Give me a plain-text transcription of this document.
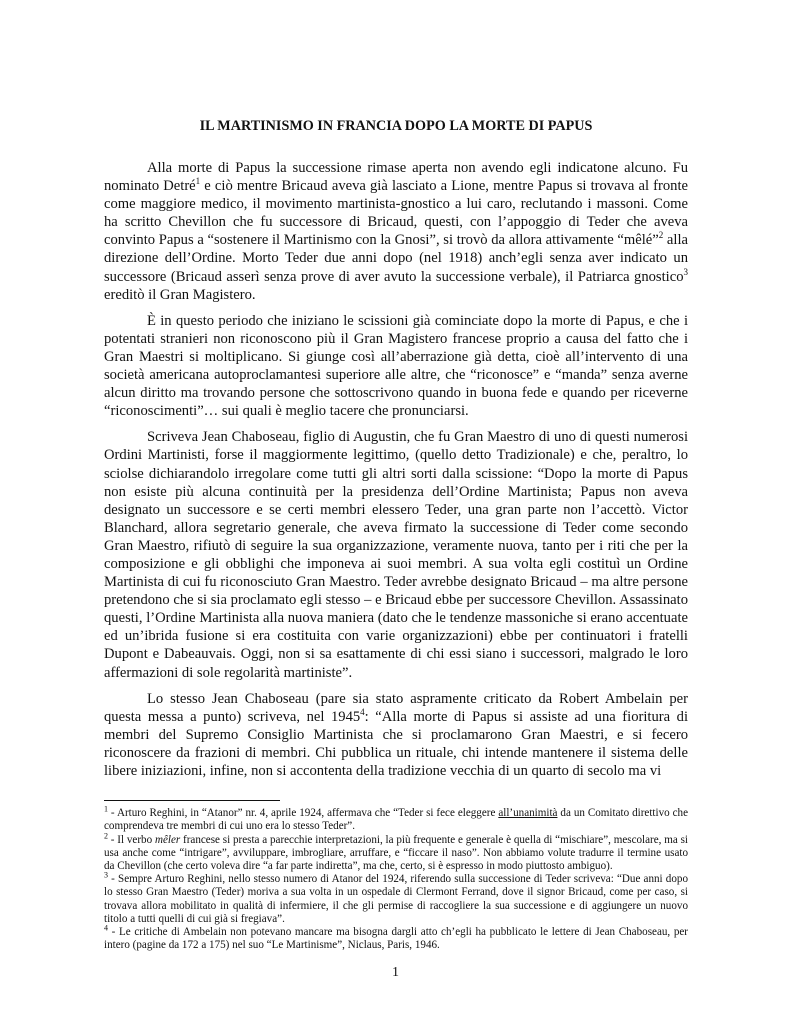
IL MARTINISMO IN FRANCIA DOPO LA MORTE DI PAPUS

Alla morte di Papus la successione rimase aperta non avendo egli indicatone alcuno. Fu nominato Detré$^1$ e ciò mentre Bricaud aveva già lasciato a Lione, mentre Papus si trovava al fronte come maggiore medico, il movimento martinista-gnostico a lui caro, reclutando i massoni. Come ha scritto Chevillon che fu successore di Bricaud, questi, con l’appoggio di Teder che aveva convinto Papus a “sostenere il Martinismo con la Gnosi”, si trovò da allora attivamente “mêlé”$^2$ alla direzione dell’Ordine. Morto Teder due anni dopo (nel 1918) anch’egli senza aver indicato un successore (Bricaud asserì senza prove di aver avuto la successione verbale), il Patriarca gnostico$^3$ ereditò il Gran Magistero.

È in questo periodo che iniziano le scissioni già cominciate dopo la morte di Papus, e che i potentati stranieri non riconoscono più il Gran Magistero francese proprio a causa del fatto che i Gran Maestri si moltiplicano. Si giunge così all’aberrazione già detta, cioè all’intervento di una società americana autoproclamantesi superiore alle altre, che “riconosce” e “manda” senza averne alcun diritto ma trovando persone che sottoscrivono quando in buona fede e quando per riceverne “riconoscimenti”… sui quali è meglio tacere che pronunciarsi.

Scriveva Jean Chaboseau, figlio di Augustin, che fu Gran Maestro di uno di questi numerosi Ordini Martinisti, forse il maggiormente legittimo, (quello detto Tradizionale) e che, peraltro, lo sciolse dichiarandolo irregolare come tutti gli altri sorti dalla scissione: “Dopo la morte di Papus non esiste più alcuna continuità per la presidenza dell’Ordine Martinista; Papus non aveva designato un successore e se certi membri elessero Teder, una gran parte non l’accettò. Victor Blanchard, allora segretario generale, che aveva firmato la successione di Teder come secondo Gran Maestro, rifiutò di seguire la sua organizzazione, veramente nuova, tanto per i riti che per la composizione e gli obblighi che imponeva ai suoi membri. A sua volta egli costituì un Ordine Martinista di cui fu riconosciuto Gran Maestro. Teder avrebbe designato Bricaud – ma altre persone pretendono che si sia proclamato egli stesso – e Bricaud ebbe per successore Chevillon. Assassinato questi, l’Ordine Martinista alla nuova maniera (dato che le tendenze massoniche si erano accentuate ed un’ibrida fusione si era costituita con varie organizzazioni) ebbe per continuatori i fratelli Dupont e Dabeauvais. Oggi, non si sa esattamente di chi essi siano i successori, malgrado le loro affermazioni di sole regolarità martiniste”.

Lo stesso Jean Chaboseau (pare sia stato aspramente criticato da Robert Ambelain per questa messa a punto) scriveva, nel 1945$^4$: “Alla morte di Papus si assiste ad una fioritura di membri del Supremo Consiglio Martinista che si proclamarono Gran Maestri, e si fecero riconoscere da frazioni di membri. Chi pubblica un rituale, chi intende mantenere il sistema delle libere iniziazioni, infine, non si accontenta della tradizione vecchia di un quarto di secolo ma vi

$^1$ - Arturo Reghini, in “Atanor” nr. 4, aprile 1924, affermava che “Teder si fece eleggere all’unanimità da un Comitato direttivo che comprendeva tre membri di cui uno era lo stesso Teder”.

$^2$ - Il verbo mêler francese si presta a parecchie interpretazioni, la più frequente e generale è quella di “mischiare”, mescolare, ma si usa anche come “intrigare”, avviluppare, imbrogliare, arruffare, e “ficcare il naso”. Non abbiamo volute tradurre il termine usato da Chevillon (che certo voleva dire “a far parte indiretta”, ma che, certo, si è espresso in modo piuttosto ambiguo).

$^3$ - Sempre Arturo Reghini, nello stesso numero di Atanor del 1924, riferendo sulla successione di Teder scriveva: “Due anni dopo lo stesso Gran Maestro (Teder) moriva a sua volta in un ospedale di Clermont Ferrand, dove il signor Bricaud, come per caso, si trovava allora mobilitato in qualità di infermiere, il che gli permise di raccogliere la sua successione e di aggiungere un nuovo titolo a tutti quelli di cui già si fregiava”.

$^4$ - Le critiche di Ambelain non potevano mancare ma bisogna dargli atto ch’egli ha pubblicato le lettere di Jean Chaboseau, per intero (pagine da 172 a 175) nel suo “Le Martinisme”, Niclaus, Paris, 1946.

1
